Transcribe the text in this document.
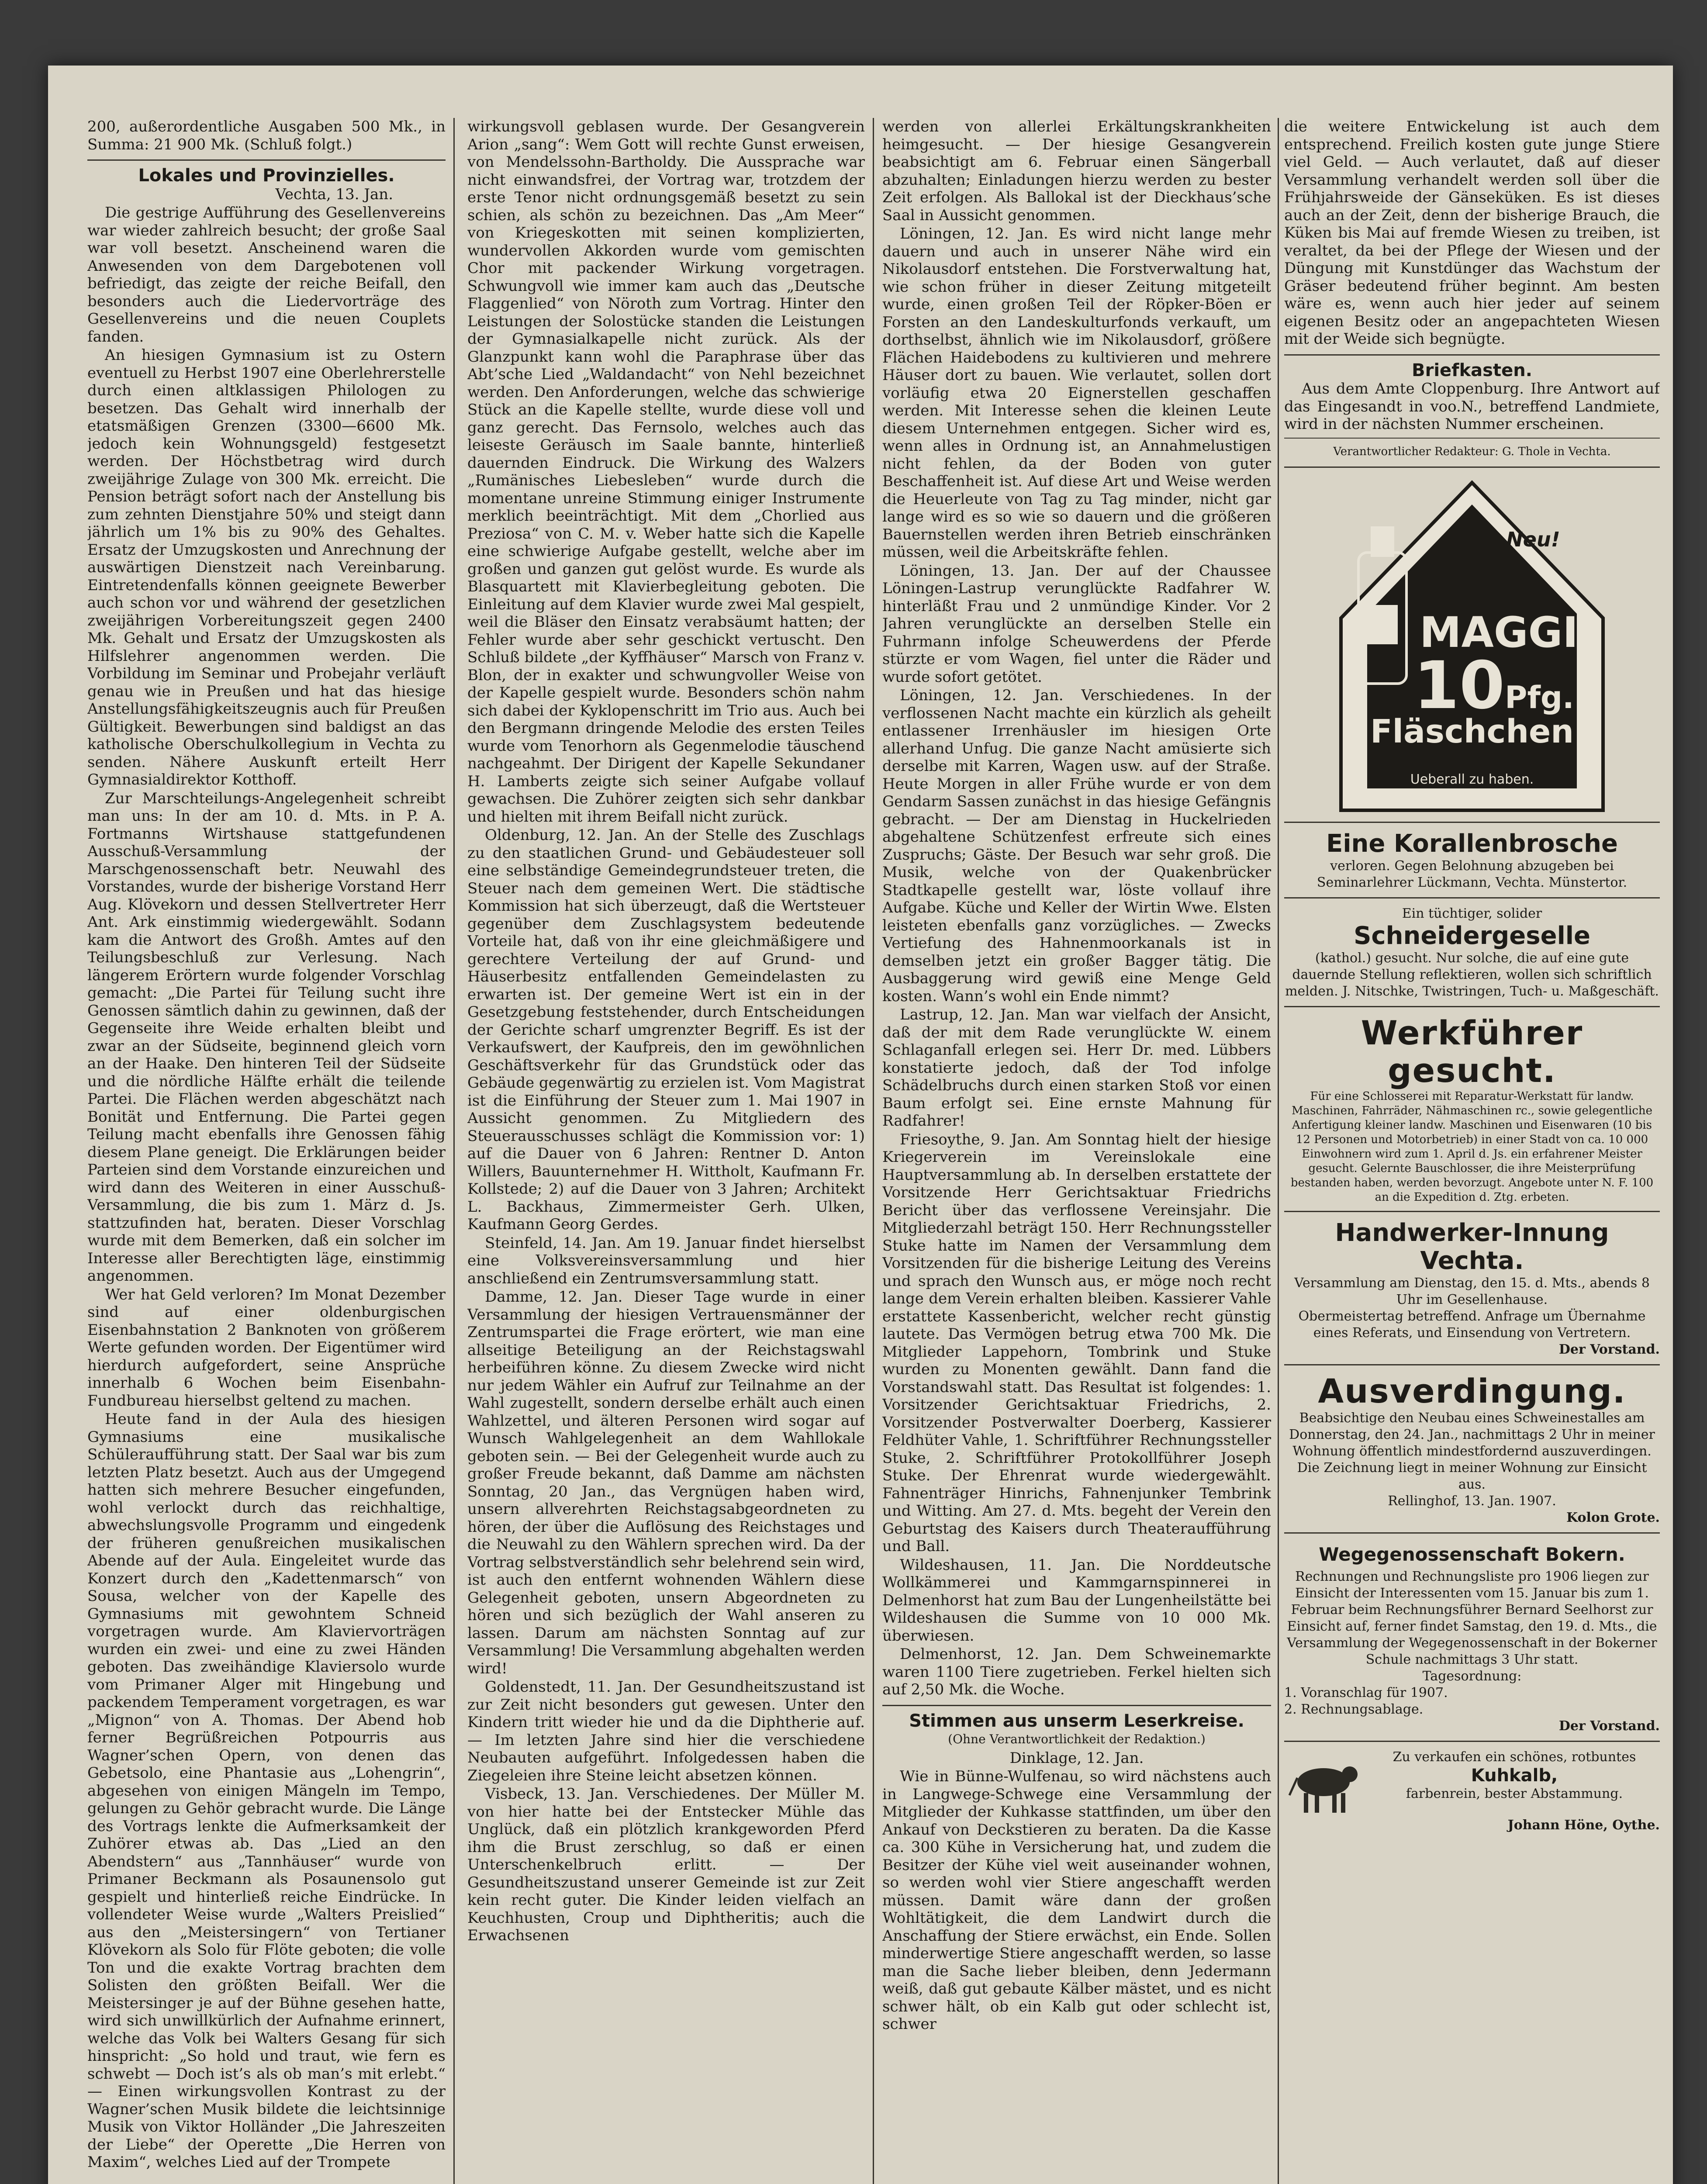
200, außerordentliche Ausgaben 500 Mk., in Summa: 21 900 Mk. (Schluß folgt.)

Lokales und Provinzielles.

Vechta, 13. Jan.

Die gestrige Aufführung des Gesellenvereins war wieder zahlreich besucht; der große Saal war voll besetzt. Anscheinend waren die Anwesenden von dem Dargebotenen voll befriedigt, das zeigte der reiche Beifall, den besonders auch die Liedervorträge des Gesellenvereins und die neuen Couplets fanden.

An hiesigen Gymnasium ist zu Ostern eventuell zu Herbst 1907 eine Oberlehrerstelle durch einen altklassigen Philologen zu besetzen. Das Gehalt wird innerhalb der etatsmäßigen Grenzen (3300—6600 Mk. jedoch kein Wohnungsgeld) festgesetzt werden. Der Höchstbetrag wird durch zweijährige Zulage von 300 Mk. erreicht. Die Pension beträgt sofort nach der Anstellung bis zum zehnten Dienstjahre 50% und steigt dann jährlich um 1% bis zu 90% des Gehaltes. Ersatz der Umzugskosten und Anrechnung der auswärtigen Dienstzeit nach Vereinbarung. Eintretendenfalls können geeignete Bewerber auch schon vor und während der gesetzlichen zweijährigen Vorbereitungszeit gegen 2400 Mk. Gehalt und Ersatz der Umzugskosten als Hilfslehrer angenommen werden. Die Vorbildung im Seminar und Probejahr verläuft genau wie in Preußen und hat das hiesige Anstellungsfähigkeitszeugnis auch für Preußen Gültigkeit. Bewerbungen sind baldigst an das katholische Oberschulkollegium in Vechta zu senden. Nähere Auskunft erteilt Herr Gymnasialdirektor Kotthoff.

Zur Marschteilungs-Angelegenheit schreibt man uns: In der am 10. d. Mts. in P. A. Fortmanns Wirtshause stattgefundenen Ausschuß-Versammlung der Marschgenossenschaft betr. Neuwahl des Vorstandes, wurde der bisherige Vorstand Herr Aug. Klövekorn und dessen Stellvertreter Herr Ant. Ark einstimmig wiedergewählt. Sodann kam die Antwort des Großh. Amtes auf den Teilungsbeschluß zur Verlesung. Nach längerem Erörtern wurde folgender Vorschlag gemacht: „Die Partei für Teilung sucht ihre Genossen sämtlich dahin zu gewinnen, daß der Gegenseite ihre Weide erhalten bleibt und zwar an der Südseite, beginnend gleich vorn an der Haake. Den hinteren Teil der Südseite und die nördliche Hälfte erhält die teilende Partei. Die Flächen werden abgeschätzt nach Bonität und Entfernung. Die Partei gegen Teilung macht ebenfalls ihre Genossen fähig diesem Plane geneigt. Die Erklärungen beider Parteien sind dem Vorstande einzureichen und wird dann des Weiteren in einer Ausschuß-Versammlung, die bis zum 1. März d. Js. stattzufinden hat, beraten. Dieser Vorschlag wurde mit dem Bemerken, daß ein solcher im Interesse aller Berechtigten läge, einstimmig angenommen.

Wer hat Geld verloren? Im Monat Dezember sind auf einer oldenburgischen Eisenbahnstation 2 Banknoten von größerem Werte gefunden worden. Der Eigentümer wird hierdurch aufgefordert, seine Ansprüche innerhalb 6 Wochen beim Eisenbahn-Fundbureau hierselbst geltend zu machen.

Heute fand in der Aula des hiesigen Gymnasiums eine musikalische Schüleraufführung statt. Der Saal war bis zum letzten Platz besetzt. Auch aus der Umgegend hatten sich mehrere Besucher eingefunden, wohl verlockt durch das reichhaltige, abwechslungsvolle Programm und eingedenk der früheren genußreichen musikalischen Abende auf der Aula. Eingeleitet wurde das Konzert durch den „Kadettenmarsch“ von Sousa, welcher von der Kapelle des Gymnasiums mit gewohntem Schneid vorgetragen wurde. Am Klaviervorträgen wurden ein zwei- und eine zu zwei Händen geboten. Das zweihändige Klaviersolo wurde vom Primaner Alger mit Hingebung und packendem Temperament vorgetragen, es war „Mignon“ von A. Thomas. Der Abend hob ferner Begrüßreichen Potpourris aus Wagner’schen Opern, von denen das Gebetsolo, eine Phantasie aus „Lohengrin“, abgesehen von einigen Mängeln im Tempo, gelungen zu Gehör gebracht wurde. Die Länge des Vortrags lenkte die Aufmerksamkeit der Zuhörer etwas ab. Das „Lied an den Abendstern“ aus „Tannhäuser“ wurde von Primaner Beckmann als Posaunensolo gut gespielt und hinterließ reiche Eindrücke. In vollendeter Weise wurde „Walters Preislied“ aus den „Meistersingern“ von Tertianer Klövekorn als Solo für Flöte geboten; die volle Ton und die exakte Vortrag brachten dem Solisten den größten Beifall. Wer die Meistersinger je auf der Bühne gesehen hatte, wird sich unwillkürlich der Aufnahme erinnert, welche das Volk bei Walters Gesang für sich hinspricht: „So hold und traut, wie fern es schwebt — Doch ist’s als ob man’s mit erlebt.“ — Einen wirkungsvollen Kontrast zu der Wagner’schen Musik bildete die leichtsinnige Musik von Viktor Holländer „Die Jahreszeiten der Liebe“ der Operette „Die Herren von Maxim“, welches Lied auf der Trompete

wirkungsvoll geblasen wurde. Der Gesangverein Arion „sang“: Wem Gott will rechte Gunst erweisen, von Mendelssohn-Bartholdy. Die Aussprache war nicht einwandsfrei, der Vortrag war, trotzdem der erste Tenor nicht ordnungsgemäß besetzt zu sein schien, als schön zu bezeichnen. Das „Am Meer“ von Kriegeskotten mit seinen komplizierten, wundervollen Akkorden wurde vom gemischten Chor mit packender Wirkung vorgetragen. Schwungvoll wie immer kam auch das „Deutsche Flaggenlied“ von Nöroth zum Vortrag. Hinter den Leistungen der Solostücke standen die Leistungen der Gymnasialkapelle nicht zurück. Als der Glanzpunkt kann wohl die Paraphrase über das Abt’sche Lied „Waldandacht“ von Nehl bezeichnet werden. Den Anforderungen, welche das schwierige Stück an die Kapelle stellte, wurde diese voll und ganz gerecht. Das Fernsolo, welches auch das leiseste Geräusch im Saale bannte, hinterließ dauernden Eindruck. Die Wirkung des Walzers „Rumänisches Liebesleben“ wurde durch die momentane unreine Stimmung einiger Instrumente merklich beeinträchtigt. Mit dem „Chorlied aus Preziosa“ von C. M. v. Weber hatte sich die Kapelle eine schwierige Aufgabe gestellt, welche aber im großen und ganzen gut gelöst wurde. Es wurde als Blasquartett mit Klavierbegleitung geboten. Die Einleitung auf dem Klavier wurde zwei Mal gespielt, weil die Bläser den Einsatz verabsäumt hatten; der Fehler wurde aber sehr geschickt vertuscht. Den Schluß bildete „der Kyffhäuser“ Marsch von Franz v. Blon, der in exakter und schwungvoller Weise von der Kapelle gespielt wurde. Besonders schön nahm sich dabei der Kyklopenschritt im Trio aus. Auch bei den Bergmann dringende Melodie des ersten Teiles wurde vom Tenorhorn als Gegenmelodie täuschend nachgeahmt. Der Dirigent der Kapelle Sekundaner H. Lamberts zeigte sich seiner Aufgabe vollauf gewachsen. Die Zuhörer zeigten sich sehr dankbar und hielten mit ihrem Beifall nicht zurück.

Oldenburg, 12. Jan. An der Stelle des Zuschlags zu den staatlichen Grund- und Gebäudesteuer soll eine selbständige Gemeindegrundsteuer treten, die Steuer nach dem gemeinen Wert. Die städtische Kommission hat sich überzeugt, daß die Wertsteuer gegenüber dem Zuschlagsystem bedeutende Vorteile hat, daß von ihr eine gleichmäßigere und gerechtere Verteilung der auf Grund- und Häuserbesitz entfallenden Gemeindelasten zu erwarten ist. Der gemeine Wert ist ein in der Gesetzgebung feststehender, durch Entscheidungen der Gerichte scharf umgrenzter Begriff. Es ist der Verkaufswert, der Kaufpreis, den im gewöhnlichen Geschäftsverkehr für das Grundstück oder das Gebäude gegenwärtig zu erzielen ist. Vom Magistrat ist die Einführung der Steuer zum 1. Mai 1907 in Aussicht genommen. Zu Mitgliedern des Steuerausschusses schlägt die Kommission vor: 1) auf die Dauer von 6 Jahren: Rentner D. Anton Willers, Bauunternehmer H. Wittholt, Kaufmann Fr. Kollstede; 2) auf die Dauer von 3 Jahren; Architekt L. Backhaus, Zimmermeister Gerh. Ulken, Kaufmann Georg Gerdes.

Steinfeld, 14. Jan. Am 19. Januar findet hierselbst eine Volksvereinsversammlung und hier anschließend ein Zentrumsversammlung statt.

Damme, 12. Jan. Dieser Tage wurde in einer Versammlung der hiesigen Vertrauensmänner der Zentrumspartei die Frage erörtert, wie man eine allseitige Beteiligung an der Reichstagswahl herbeiführen könne. Zu diesem Zwecke wird nicht nur jedem Wähler ein Aufruf zur Teilnahme an der Wahl zugestellt, sondern derselbe erhält auch einen Wahlzettel, und älteren Personen wird sogar auf Wunsch Wahlgelegenheit an dem Wahllokale geboten sein. — Bei der Gelegenheit wurde auch zu großer Freude bekannt, daß Damme am nächsten Sonntag, 20 Jan., das Vergnügen haben wird, unsern allverehrten Reichstagsabgeordneten zu hören, der über die Auflösung des Reichstages und die Neuwahl zu den Wählern sprechen wird. Da der Vortrag selbstverständlich sehr belehrend sein wird, ist auch den entfernt wohnenden Wählern diese Gelegenheit geboten, unsern Abgeordneten zu hören und sich bezüglich der Wahl anseren zu lassen. Darum am nächsten Sonntag auf zur Versammlung! Die Versammlung abgehalten werden wird!

Goldenstedt, 11. Jan. Der Gesundheitszustand ist zur Zeit nicht besonders gut gewesen. Unter den Kindern tritt wieder hie und da die Diphtherie auf. — Im letzten Jahre sind hier die verschiedene Neubauten aufgeführt. Infolgedessen haben die Ziegeleien ihre Steine leicht absetzen können.

Visbeck, 13. Jan. Verschiedenes. Der Müller M. von hier hatte bei der Entstecker Mühle das Unglück, daß ein plötzlich krankgeworden Pferd ihm die Brust zerschlug, so daß er einen Unterschenkelbruch erlitt. — Der Gesundheitszustand unserer Gemeinde ist zur Zeit kein recht guter. Die Kinder leiden vielfach an Keuchhusten, Croup und Diphtheritis; auch die Erwachsenen

werden von allerlei Erkältungskrankheiten heimgesucht. — Der hiesige Gesangverein beabsichtigt am 6. Februar einen Sängerball abzuhalten; Einladungen hierzu werden zu bester Zeit erfolgen. Als Ballokal ist der Dieckhaus’sche Saal in Aussicht genommen.

Löningen, 12. Jan. Es wird nicht lange mehr dauern und auch in unserer Nähe wird ein Nikolausdorf entstehen. Die Forstverwaltung hat, wie schon früher in dieser Zeitung mitgeteilt wurde, einen großen Teil der Röpker-Böen er Forsten an den Landeskulturfonds verkauft, um dorthselbst, ähnlich wie im Nikolausdorf, größere Flächen Haidebodens zu kultivieren und mehrere Häuser dort zu bauen. Wie verlautet, sollen dort vorläufig etwa 20 Eignerstellen geschaffen werden. Mit Interesse sehen die kleinen Leute diesem Unternehmen entgegen. Sicher wird es, wenn alles in Ordnung ist, an Annahmelustigen nicht fehlen, da der Boden von guter Beschaffenheit ist. Auf diese Art und Weise werden die Heuerleute von Tag zu Tag minder, nicht gar lange wird es so wie so dauern und die größeren Bauernstellen werden ihren Betrieb einschränken müssen, weil die Arbeitskräfte fehlen.

Löningen, 13. Jan. Der auf der Chaussee Löningen-Lastrup verunglückte Radfahrer W. hinterläßt Frau und 2 unmündige Kinder. Vor 2 Jahren verunglückte an derselben Stelle ein Fuhrmann infolge Scheuwerdens der Pferde stürzte er vom Wagen, fiel unter die Räder und wurde sofort getötet.

Löningen, 12. Jan. Verschiedenes. In der verflossenen Nacht machte ein kürzlich als geheilt entlassener Irrenhäusler im hiesigen Orte allerhand Unfug. Die ganze Nacht amüsierte sich derselbe mit Karren, Wagen usw. auf der Straße. Heute Morgen in aller Frühe wurde er von dem Gendarm Sassen zunächst in das hiesige Gefängnis gebracht. — Der am Dienstag in Huckelrieden abgehaltene Schützenfest erfreute sich eines Zuspruchs; Gäste. Der Besuch war sehr groß. Die Musik, welche von der Quakenbrücker Stadtkapelle gestellt war, löste vollauf ihre Aufgabe. Küche und Keller der Wirtin Wwe. Elsten leisteten ebenfalls ganz vorzügliches. — Zwecks Vertiefung des Hahnenmoorkanals ist in demselben jetzt ein großer Bagger tätig. Die Ausbaggerung wird gewiß eine Menge Geld kosten. Wann’s wohl ein Ende nimmt?

Lastrup, 12. Jan. Man war vielfach der Ansicht, daß der mit dem Rade verunglückte W. einem Schlaganfall erlegen sei. Herr Dr. med. Lübbers konstatierte jedoch, daß der Tod infolge Schädelbruchs durch einen starken Stoß vor einen Baum erfolgt sei. Eine ernste Mahnung für Radfahrer!

Friesoythe, 9. Jan. Am Sonntag hielt der hiesige Kriegerverein im Vereinslokale eine Hauptversammlung ab. In derselben erstattete der Vorsitzende Herr Gerichtsaktuar Friedrichs Bericht über das verflossene Vereinsjahr. Die Mitgliederzahl beträgt 150. Herr Rechnungssteller Stuke hatte im Namen der Versammlung dem Vorsitzenden für die bisherige Leitung des Vereins und sprach den Wunsch aus, er möge noch recht lange dem Verein erhalten bleiben. Kassierer Vahle erstattete Kassenbericht, welcher recht günstig lautete. Das Vermögen betrug etwa 700 Mk. Die Mitglieder Lappehorn, Tombrink und Stuke wurden zu Monenten gewählt. Dann fand die Vorstandswahl statt. Das Resultat ist folgendes: 1. Vorsitzender Gerichtsaktuar Friedrichs, 2. Vorsitzender Postverwalter Doerberg, Kassierer Feldhüter Vahle, 1. Schriftführer Rechnungssteller Stuke, 2. Schriftführer Protokollführer Joseph Stuke. Der Ehrenrat wurde wiedergewählt. Fahnenträger Hinrichs, Fahnenjunker Tembrink und Witting. Am 27. d. Mts. begeht der Verein den Geburtstag des Kaisers durch Theateraufführung und Ball.

Wildeshausen, 11. Jan. Die Norddeutsche Wollkämmerei und Kammgarnspinnerei in Delmenhorst hat zum Bau der Lungenheilstätte bei Wildeshausen die Summe von 10 000 Mk. überwiesen.

Delmenhorst, 12. Jan. Dem Schweinemarkte waren 1100 Tiere zugetrieben. Ferkel hielten sich auf 2,50 Mk. die Woche.

Stimmen aus unserm Leserkreise.

(Ohne Verantwortlichkeit der Redaktion.)

Dinklage, 12. Jan.

Wie in Bünne-Wulfenau, so wird nächstens auch in Langwege-Schwege eine Versammlung der Mitglieder der Kuhkasse stattfinden, um über den Ankauf von Deckstieren zu beraten. Da die Kasse ca. 300 Kühe in Versicherung hat, und zudem die Besitzer der Kühe viel weit auseinander wohnen, so werden wohl vier Stiere angeschafft werden müssen. Damit wäre dann der großen Wohltätigkeit, die dem Landwirt durch die Anschaffung der Stiere erwächst, ein Ende. Sollen minderwertige Stiere angeschafft werden, so lasse man die Sache lieber bleiben, denn Jedermann weiß, daß gut gebaute Kälber mästet, und es nicht schwer hält, ob ein Kalb gut oder schlecht ist, schwer

die weitere Entwickelung ist auch dem entsprechend. Freilich kosten gute junge Stiere viel Geld. — Auch verlautet, daß auf dieser Versammlung verhandelt werden soll über die Frühjahrsweide der Gänseküken. Es ist dieses auch an der Zeit, denn der bisherige Brauch, die Küken bis Mai auf fremde Wiesen zu treiben, ist veraltet, da bei der Pflege der Wiesen und der Düngung mit Kunstdünger das Wachstum der Gräser bedeutend früher beginnt. Am besten wäre es, wenn auch hier jeder auf seinem eigenen Besitz oder an angepachteten Wiesen mit der Weide sich begnügte.

Briefkasten.

Aus dem Amte Cloppenburg. Ihre Antwort auf das Eingesandt in voo.N., betreffend Landmiete, wird in der nächsten Nummer erscheinen.

Verantwortlicher Redakteur: G. Thole in Vechta.

Neu!
MAGGI$^s$
10Pfg.
Fläschchen
Ueberall zu haben.

Eine Korallenbrosche

verloren. Gegen Belohnung abzugeben bei Seminarlehrer Lückmann, Vechta. Münstertor.

Ein tüchtiger, solider

Schneidergeselle

(kathol.) gesucht. Nur solche, die auf eine gute dauernde Stellung reflektieren, wollen sich schriftlich melden. J. Nitschke, Twistringen, Tuch- u. Maßgeschäft.

Werkführer gesucht.

Für eine Schlosserei mit Reparatur-Werkstatt für landw. Maschinen, Fahrräder, Nähmaschinen rc., sowie gelegentliche Anfertigung kleiner landw. Maschinen und Eisenwaren (10 bis 12 Personen und Motorbetrieb) in einer Stadt von ca. 10 000 Einwohnern wird zum 1. April d. Js. ein erfahrener Meister gesucht. Gelernte Bauschlosser, die ihre Meisterprüfung bestanden haben, werden bevorzugt. Angebote unter N. F. 100 an die Expedition d. Ztg. erbeten.

Handwerker-Innung Vechta.

Versammlung am Dienstag, den 15. d. Mts., abends 8 Uhr im Gesellenhause.

Obermeistertag betreffend. Anfrage um Übernahme eines Referats, und Einsendung von Vertretern.

Der Vorstand.

Ausverdingung.

Beabsichtige den Neubau eines Schweinestalles am Donnerstag, den 24. Jan., nachmittags 2 Uhr in meiner Wohnung öffentlich mindestfordernd auszuverdingen. Die Zeichnung liegt in meiner Wohnung zur Einsicht aus.

Rellinghof, 13. Jan. 1907.

Kolon Grote.

Wegegenossenschaft Bokern.

Rechnungen und Rechnungsliste pro 1906 liegen zur Einsicht der Interessenten vom 15. Januar bis zum 1. Februar beim Rechnungsführer Bernard Seelhorst zur Einsicht auf, ferner findet Samstag, den 19. d. Mts., die Versammlung der Wegegenossenschaft in der Bokerner Schule nachmittags 3 Uhr statt.

Tagesordnung:

1. Voranschlag für 1907.

2. Rechnungsablage.

Der Vorstand.

Zu verkaufen ein schönes, rotbuntes

Kuhkalb,

farbenrein, bester Abstammung.

Johann Höne, Oythe.
